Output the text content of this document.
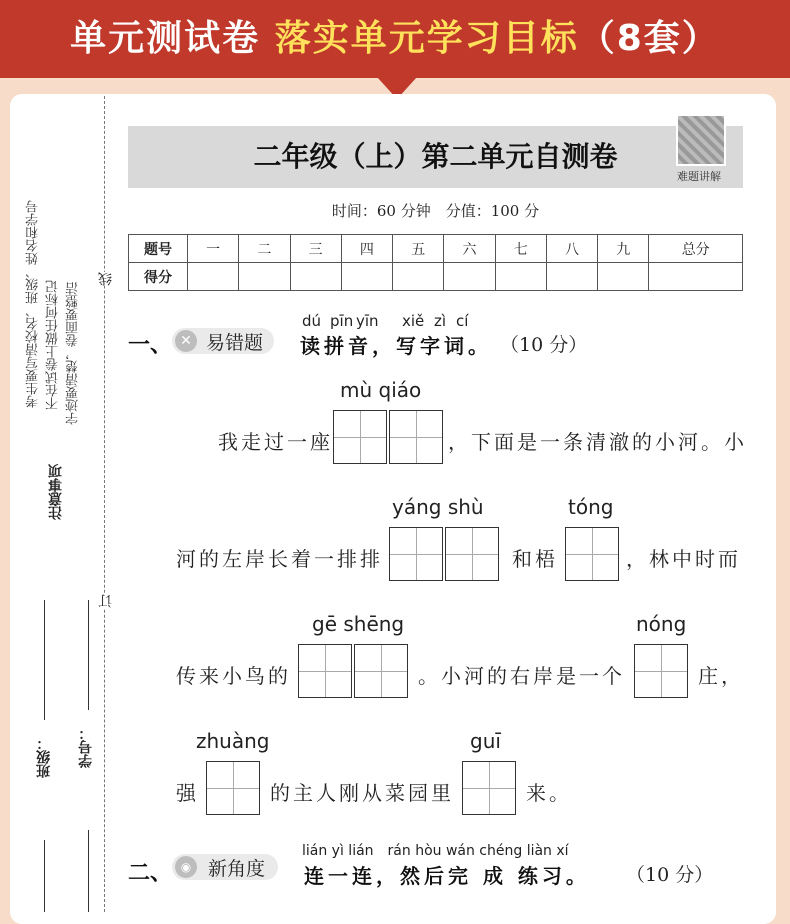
单元测试卷 落实单元学习目标（8套）
考生要写清校名、班级、姓名和学号 不在试卷上做任何标记 字迹要清楚，卷面要整洁
注意事项
班级： 学号：
线
订
二年级（上）第二单元自测卷
难题讲解
时间：60 分钟　分值：100 分
题号	一	二	三	四	五	六	七	八	九	总分
得分										
一、 ✕ 易错题
dú pīn yīn xiě zì cí
读拼音，写字词。 （10 分）
mù qiáo
我走过一座	，下面是一条清澈的小河。小
yáng shù	tóng
河的左岸长着一排排	和梧	，林中时而
gē shēng	nóng
传来小鸟的	。小河的右岸是一个	庄，
zhuàng	guī
强	的主人刚从菜园里	来。
二、 ◉ 新角度
lián yì lián　rán hòu wán chéng liàn xí
连一连，然后完 成 练习。 （10 分）
